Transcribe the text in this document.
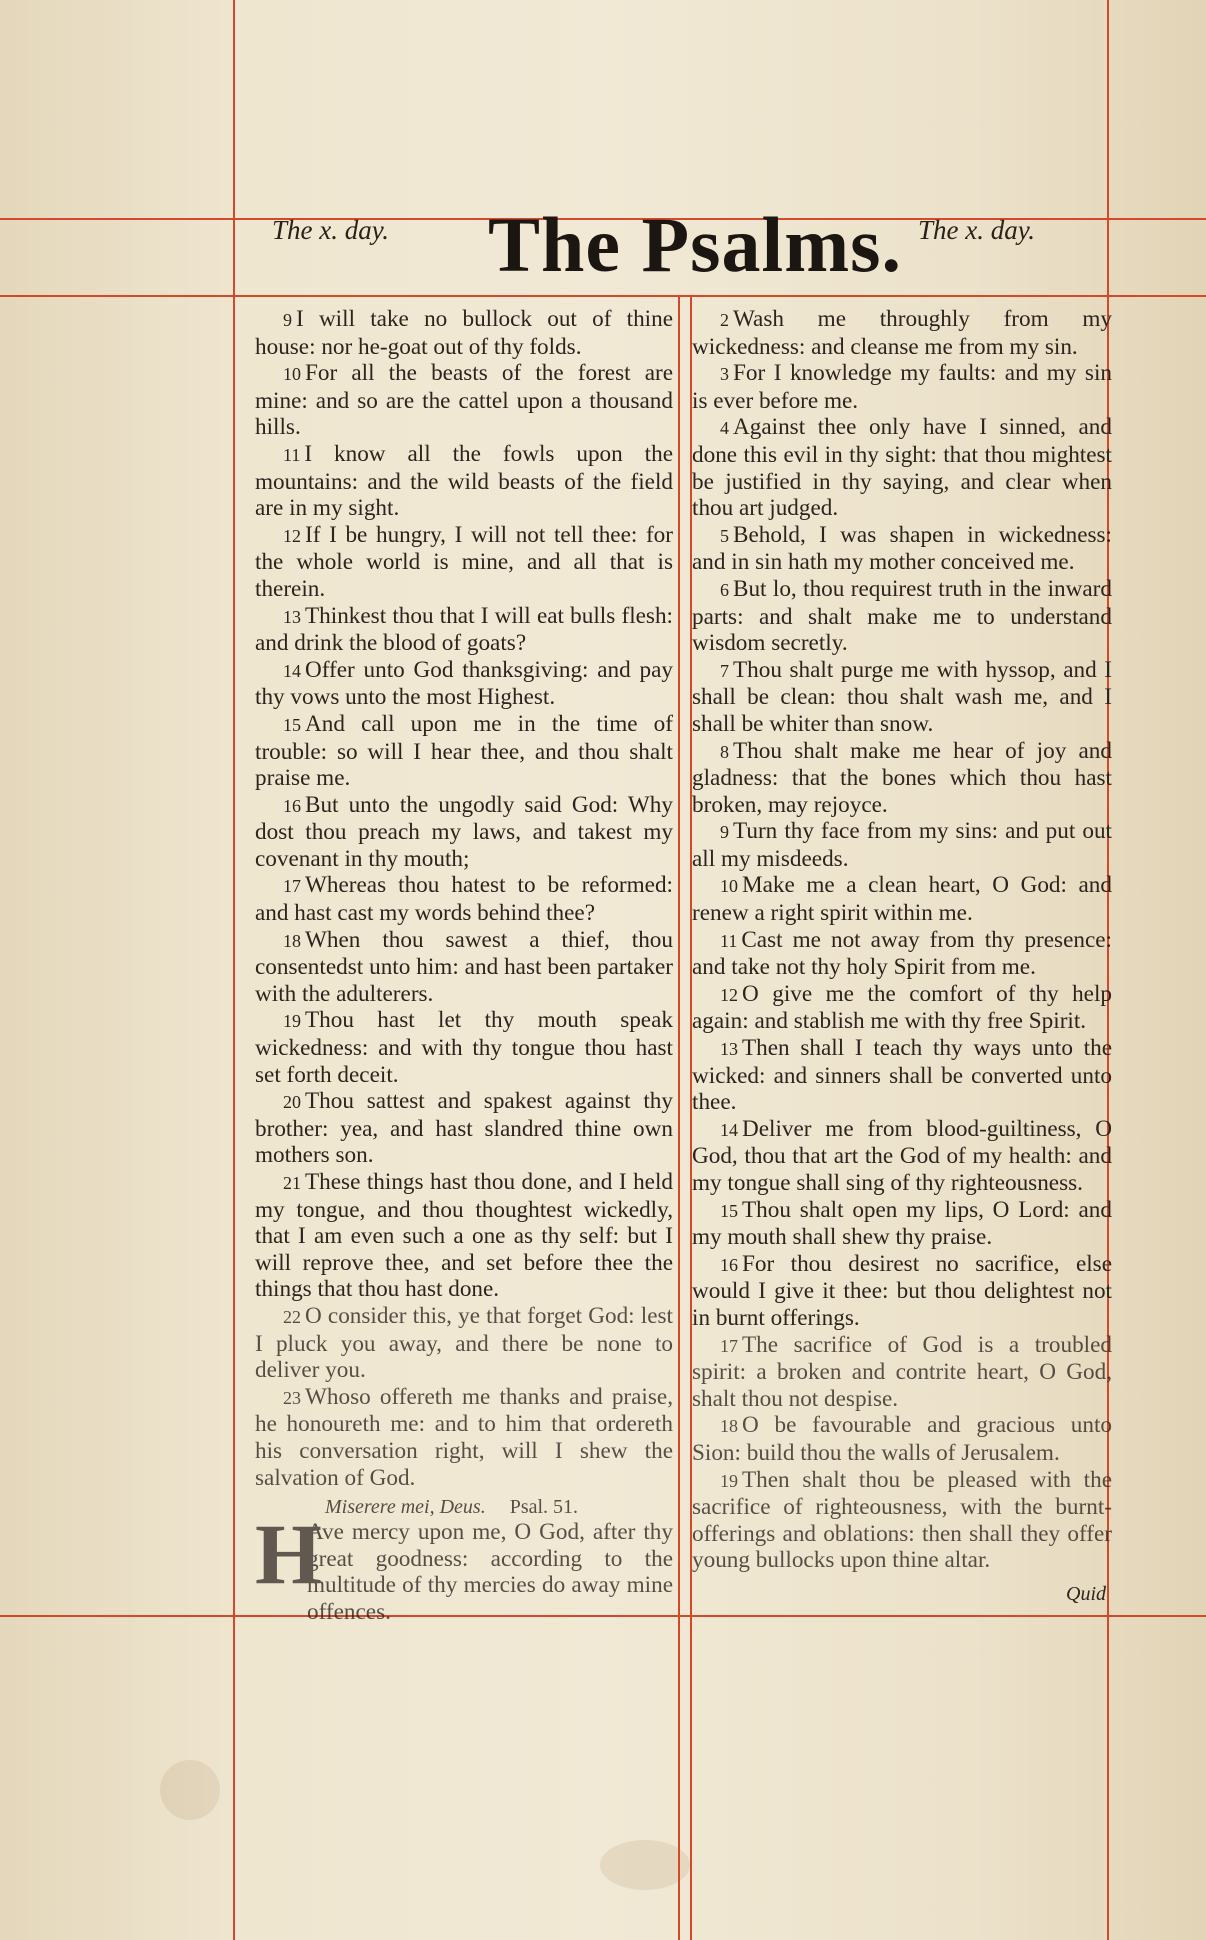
The x. day. The Psalms. The x. day.

9 I will take no bullock out of thine house: nor he-goat out of thy folds.

10 For all the beasts of the forest are mine: and so are the cattel upon a thousand hills.

11 I know all the fowls upon the mountains: and the wild beasts of the field are in my sight.

12 If I be hungry, I will not tell thee: for the whole world is mine, and all that is therein.

13 Thinkest thou that I will eat bulls flesh: and drink the blood of goats?

14 Offer unto God thanksgiving: and pay thy vows unto the most Highest.

15 And call upon me in the time of trouble: so will I hear thee, and thou shalt praise me.

16 But unto the ungodly said God: Why dost thou preach my laws, and takest my covenant in thy mouth;

17 Whereas thou hatest to be reformed: and hast cast my words behind thee?

18 When thou sawest a thief, thou consentedst unto him: and hast been partaker with the adulterers.

19 Thou hast let thy mouth speak wickedness: and with thy tongue thou hast set forth deceit.

20 Thou sattest and spakest against thy brother: yea, and hast slandred thine own mothers son.

21 These things hast thou done, and I held my tongue, and thou thoughtest wickedly, that I am even such a one as thy self: but I will reprove thee, and set before thee the things that thou hast done.

22 O consider this, ye that forget God: lest I pluck you away, and there be none to deliver you.

23 Whoso offereth me thanks and praise, he honoureth me: and to him that ordereth his conversation right, will I shew the salvation of God.

Miserere mei, Deus. Psal. 51.

H
Ave mercy upon me, O God, after thy great goodness: according to the multitude of thy mercies do away mine offences.

2 Wash me throughly from my wickedness: and cleanse me from my sin.

3 For I knowledge my faults: and my sin is ever before me.

4 Against thee only have I sinned, and done this evil in thy sight: that thou mightest be justified in thy saying, and clear when thou art judged.

5 Behold, I was shapen in wickedness: and in sin hath my mother conceived me.

6 But lo, thou requirest truth in the inward parts: and shalt make me to understand wisdom secretly.

7 Thou shalt purge me with hyssop, and I shall be clean: thou shalt wash me, and I shall be whiter than snow.

8 Thou shalt make me hear of joy and gladness: that the bones which thou hast broken, may rejoyce.

9 Turn thy face from my sins: and put out all my misdeeds.

10 Make me a clean heart, O God: and renew a right spirit within me.

11 Cast me not away from thy presence: and take not thy holy Spirit from me.

12 O give me the comfort of thy help again: and stablish me with thy free Spirit.

13 Then shall I teach thy ways unto the wicked: and sinners shall be converted unto thee.

14 Deliver me from blood-guiltiness, O God, thou that art the God of my health: and my tongue shall sing of thy righteousness.

15 Thou shalt open my lips, O Lord: and my mouth shall shew thy praise.

16 For thou desirest no sacrifice, else would I give it thee: but thou delightest not in burnt offerings.

17 The sacrifice of God is a troubled spirit: a broken and contrite heart, O God, shalt thou not despise.

18 O be favourable and gracious unto Sion: build thou the walls of Jerusalem.

19 Then shalt thou be pleased with the sacrifice of righteousness, with the burnt-offerings and oblations: then shall they offer young bullocks upon thine altar.

Quid
